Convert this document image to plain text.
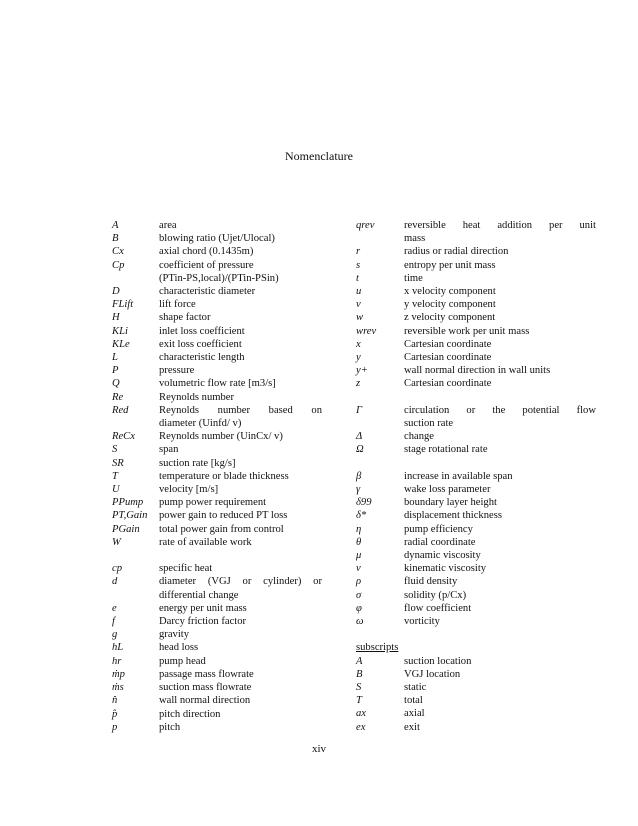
Nomenclature
A	area
B	blowing ratio (Ujet/Ulocal)
Cx	axial chord (0.1435m)
Cp	coefficient of pressure
(PTin-PS,local)/(PTin-PSin)
D	characteristic diameter
FLift	lift force
H	shape factor
KLi	inlet loss coefficient
KLe	exit loss coefficient
L	characteristic length
P	pressure
Q	volumetric flow rate [m3/s]
Re	Reynolds number
Red	Reynolds number based on
diameter (Uinfd/ v)
ReCx	Reynolds number (UinCx/ v)
S	span
SR	suction rate [kg/s]
T	temperature or blade thickness
U	velocity [m/s]
PPump	pump power requirement
PT,Gain	power gain to reduced PT loss
PGain	total power gain from control
W	rate of available work
cp	specific heat
d	diameter (VGJ or cylinder) or
differential change
e	energy per unit mass
f	Darcy friction factor
g	gravity
hL	head loss
hr	pump head
ṁp	passage mass flowrate
ṁs	suction mass flowrate
n̂	wall normal direction
p̂	pitch direction
p	pitch
qrev	reversible heat addition per unit
mass
r	radius or radial direction
s	entropy per unit mass
t	time
u	x velocity component
v	y velocity component
w	z velocity component
wrev	reversible work per unit mass
x	Cartesian coordinate
y	Cartesian coordinate
y+	wall normal direction in wall units
z	Cartesian coordinate
Γ	circulation or the potential flow
suction rate
Δ	change
Ω	stage rotational rate
β	increase in available span
γ	wake loss parameter
δ99	boundary layer height
δ*	displacement thickness
η	pump efficiency
θ	radial coordinate
μ	dynamic viscosity
ν	kinematic viscosity
ρ	fluid density
σ	solidity (p/Cx)
φ	flow coefficient
ω	vorticity
subscripts
A	suction location
B	VGJ location
S	static
T	total
ax	axial
ex	exit
xiv
